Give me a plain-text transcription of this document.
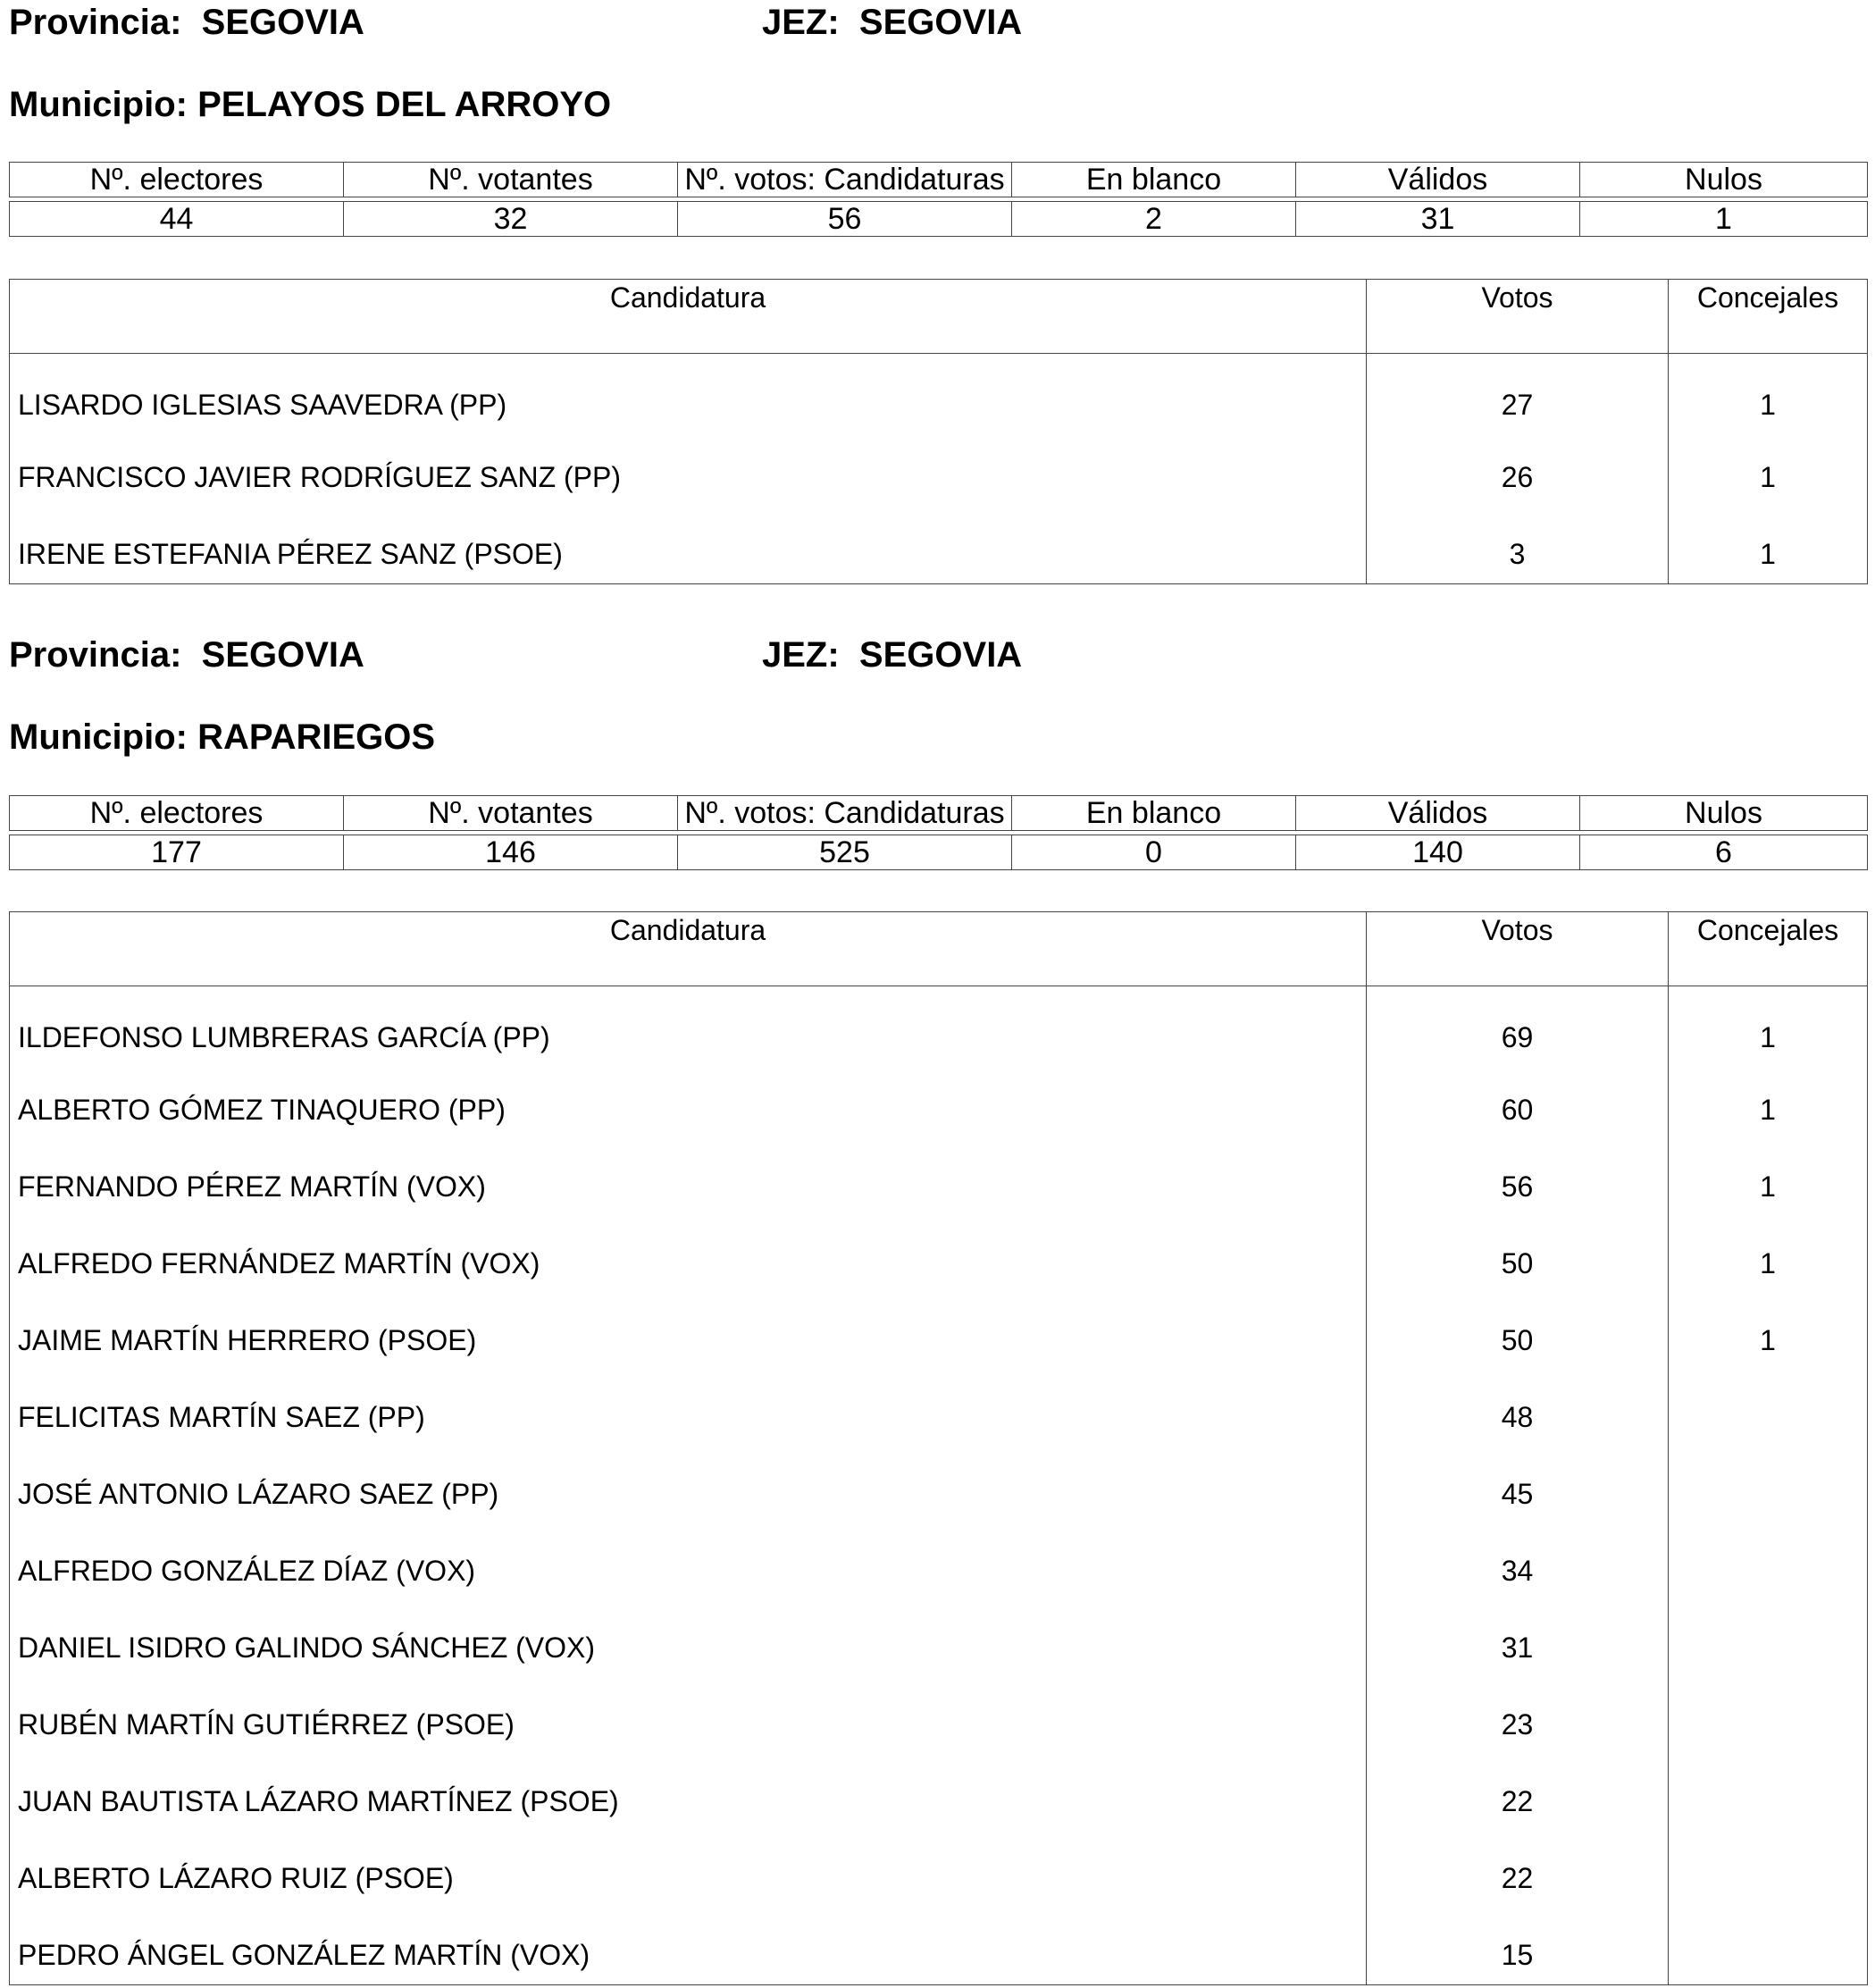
Provincia: SEGOVIA	JEZ: SEGOVIA
Municipio: PELAYOS DEL ARROYO
Nº. electores	Nº. votantes	Nº. votos: Candidaturas	En blanco	Válidos	Nulos

44	32	56	2	31	1
Candidatura	Votos	Concejales
LISARDO IGLESIAS SAAVEDRA (PP)	27	1
FRANCISCO JAVIER RODRÍGUEZ SANZ (PP)	26	1
IRENE ESTEFANIA PÉREZ SANZ (PSOE)	3	1
Provincia: SEGOVIA	JEZ: SEGOVIA
Municipio: RAPARIEGOS
Nº. electores	Nº. votantes	Nº. votos: Candidaturas	En blanco	Válidos	Nulos

177	146	525	0	140	6
Candidatura	Votos	Concejales
ILDEFONSO LUMBRERAS GARCÍA (PP)	69	1
ALBERTO GÓMEZ TINAQUERO (PP)	60	1
FERNANDO PÉREZ MARTÍN (VOX)	56	1
ALFREDO FERNÁNDEZ MARTÍN (VOX)	50	1
JAIME MARTÍN HERRERO (PSOE)	50	1
FELICITAS MARTÍN SAEZ (PP)	48	
JOSÉ ANTONIO LÁZARO SAEZ (PP)	45	
ALFREDO GONZÁLEZ DÍAZ (VOX)	34	
DANIEL ISIDRO GALINDO SÁNCHEZ (VOX)	31	
RUBÉN MARTÍN GUTIÉRREZ (PSOE)	23	
JUAN BAUTISTA LÁZARO MARTÍNEZ (PSOE)	22	
ALBERTO LÁZARO RUIZ (PSOE)	22	
PEDRO ÁNGEL GONZÁLEZ MARTÍN (VOX)	15	
